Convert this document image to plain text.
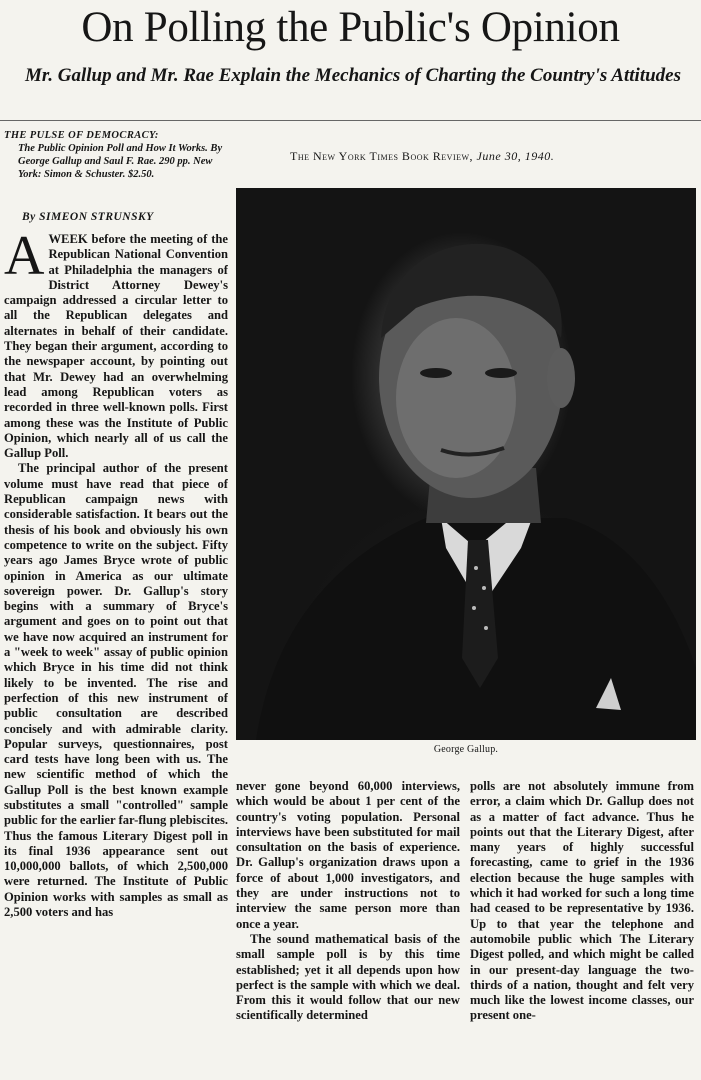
On Polling the Public's Opinion
Mr. Gallup and Mr. Rae Explain the Mechanics of Charting the Country's Attitudes
THE PULSE OF DEMOCRACY:
The Public Opinion Poll and How It Works. By George Gallup and Saul F. Rae. 290 pp. New York: Simon & Schuster. $2.50.
By SIMEON STRUNSKY
The New York Times Book Review, June 30, 1940.
George Gallup.

AWEEK before the meeting of the Republican National Convention at Philadelphia the managers of District Attorney Dewey's campaign addressed a circular letter to all the Republican delegates and alternates in behalf of their candidate. They began their argument, according to the newspaper account, by pointing out that Mr. Dewey had an overwhelming lead among Republican voters as recorded in three well-known polls. First among these was the Institute of Public Opinion, which nearly all of us call the Gallup Poll.

The principal author of the present volume must have read that piece of Republican campaign news with considerable satisfaction. It bears out the thesis of his book and obviously his own competence to write on the subject. Fifty years ago James Bryce wrote of public opinion in America as our ultimate sovereign power. Dr. Gallup's story begins with a summary of Bryce's argument and goes on to point out that we have now acquired an instrument for a "week to week" assay of public opinion which Bryce in his time did not think likely to be invented. The rise and perfection of this new instrument of public consultation are described concisely and with admirable clarity. Popular surveys, questionnaires, post card tests have long been with us. The new scientific method of which the Gallup Poll is the best known example substitutes a small "controlled" sample public for the earlier far-flung plebiscites. Thus the famous Literary Digest poll in its final 1936 appearance sent out 10,000,000 ballots, of which 2,500,000 were returned. The Institute of Public Opinion works with samples as small as 2,500 voters and has

never gone beyond 60,000 interviews, which would be about 1 per cent of the country's voting population. Personal interviews have been substituted for mail consultation on the basis of experience. Dr. Gallup's organization draws upon a force of about 1,000 investigators, and they are under instructions not to interview the same person more than once a year.

The sound mathematical basis of the small sample poll is by this time established; yet it all depends upon how perfect is the sample with which we deal. From this it would follow that our new scientifically determined

polls are not absolutely immune from error, a claim which Dr. Gallup does not as a matter of fact advance. Thus he points out that the Literary Digest, after many years of highly successful forecasting, came to grief in the 1936 election because the huge samples with which it had worked for such a long time had ceased to be representative by 1936. Up to that year the telephone and automobile public which The Literary Digest polled, and which might be called in our present-day language the two-thirds of a nation, thought and felt very much like the lowest income classes, our present one-
